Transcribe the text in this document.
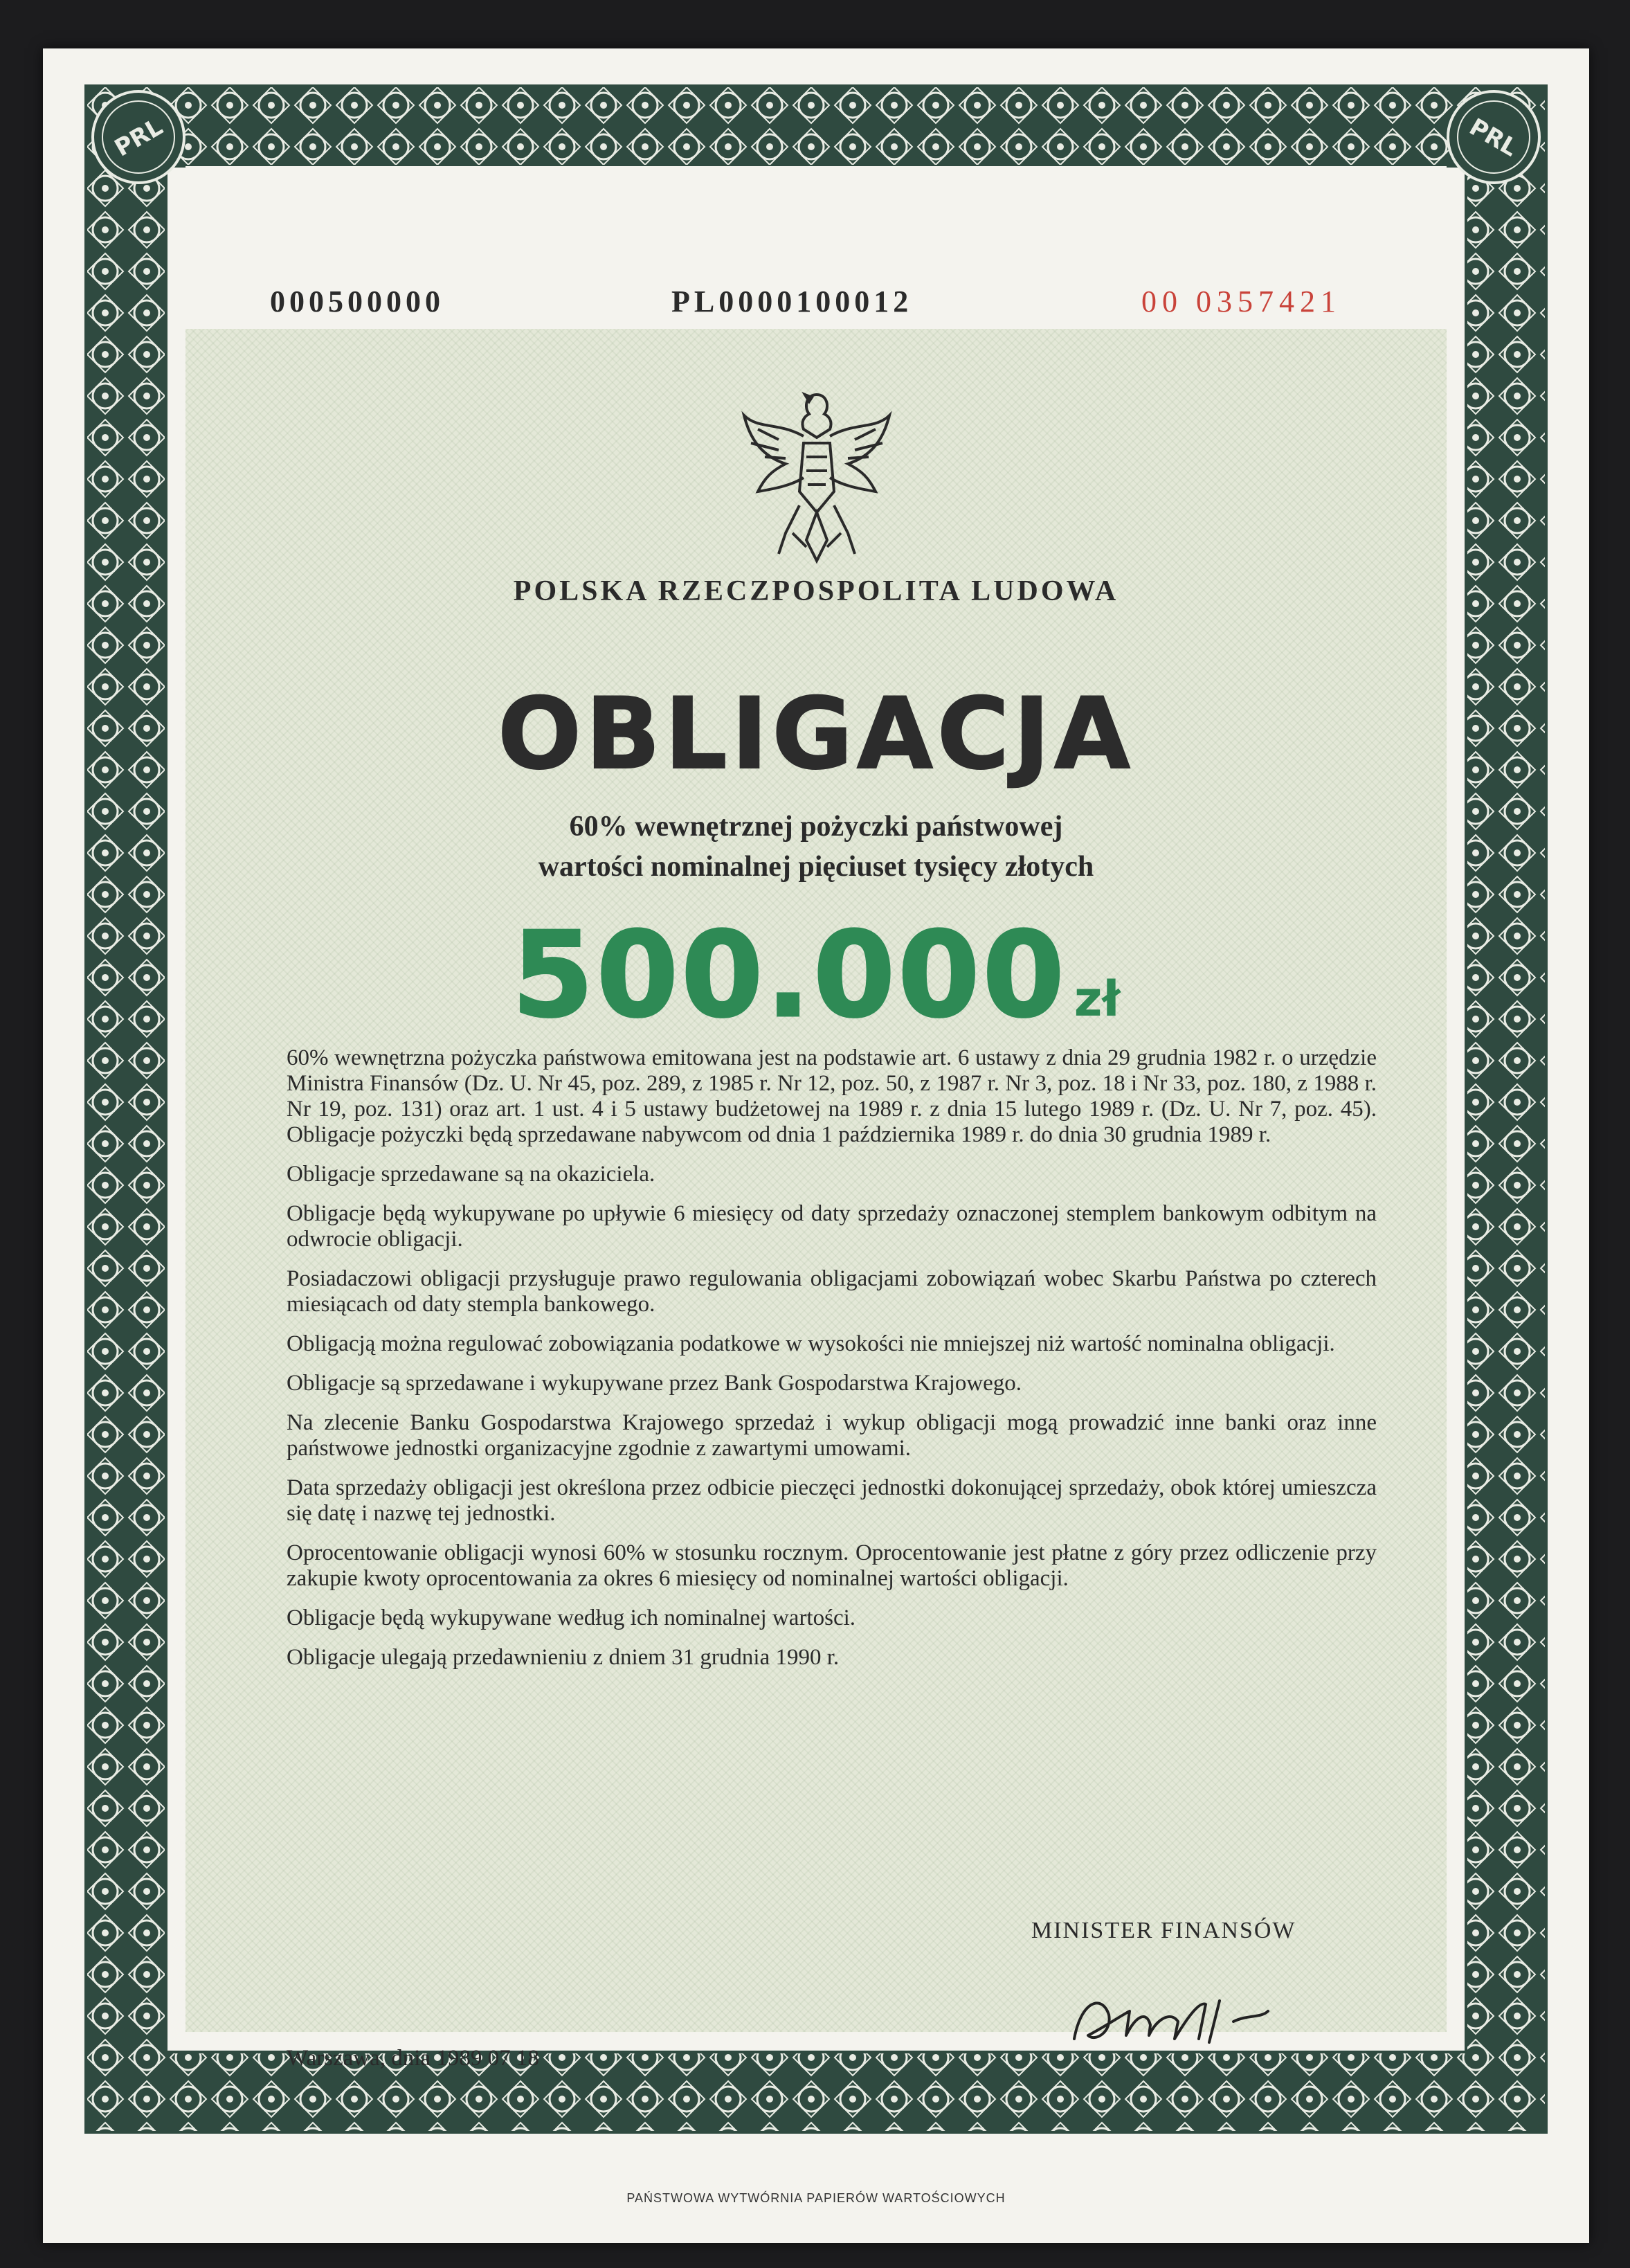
PRL	PRL
000500000	PL0000100012	00 0357421
POLSKA RZECZPOSPOLITA LUDOWA
OBLIGACJA
60% wewnętrznej pożyczki państwowej
wartości nominalnej pięciuset tysięcy złotych
500.000 zł

60% wewnętrzna pożyczka państwowa emitowana jest na podstawie art. 6 ustawy z dnia 29 grudnia 1982 r. o urzędzie Ministra Finansów (Dz. U. Nr 45, poz. 289, z 1985 r. Nr 12, poz. 50, z 1987 r. Nr 3, poz. 18 i Nr 33, poz. 180, z 1988 r. Nr 19, poz. 131) oraz art. 1 ust. 4 i 5 ustawy budżetowej na 1989 r. z dnia 15 lutego 1989 r. (Dz. U. Nr 7, poz. 45). Obligacje pożyczki będą sprzedawane nabywcom od dnia 1 października 1989 r. do dnia 30 grudnia 1989 r.

Obligacje sprzedawane są na okaziciela.

Obligacje będą wykupywane po upływie 6 miesięcy od daty sprzedaży oznaczonej stemplem bankowym odbitym na odwrocie obligacji.

Posiadaczowi obligacji przysługuje prawo regulowania obligacjami zobowiązań wobec Skarbu Państwa po czterech miesiącach od daty stempla bankowego.

Obligacją można regulować zobowiązania podatkowe w wysokości nie mniejszej niż wartość nominalna obligacji.

Obligacje są sprzedawane i wykupywane przez Bank Gospodarstwa Krajowego.

Na zlecenie Banku Gospodarstwa Krajowego sprzedaż i wykup obligacji mogą prowadzić inne banki oraz inne państwowe jednostki organizacyjne zgodnie z zawartymi umowami.

Data sprzedaży obligacji jest określona przez odbicie pieczęci jednostki dokonującej sprzedaży, obok której umieszcza się datę i nazwę tej jednostki.

Oprocentowanie obligacji wynosi 60% w stosunku rocznym. Oprocentowanie jest płatne z góry przez odliczenie przy zakupie kwoty oprocentowania za okres 6 miesięcy od nominalnej wartości obligacji.

Obligacje będą wykupywane według ich nominalnej wartości.

Obligacje ulegają przedawnieniu z dniem 31 grudnia 1990 r.

MINISTER FINANSÓW
Warszawa, dnia 1989 07 18
PAŃSTWOWA WYTWÓRNIA PAPIERÓW WARTOŚCIOWYCH
